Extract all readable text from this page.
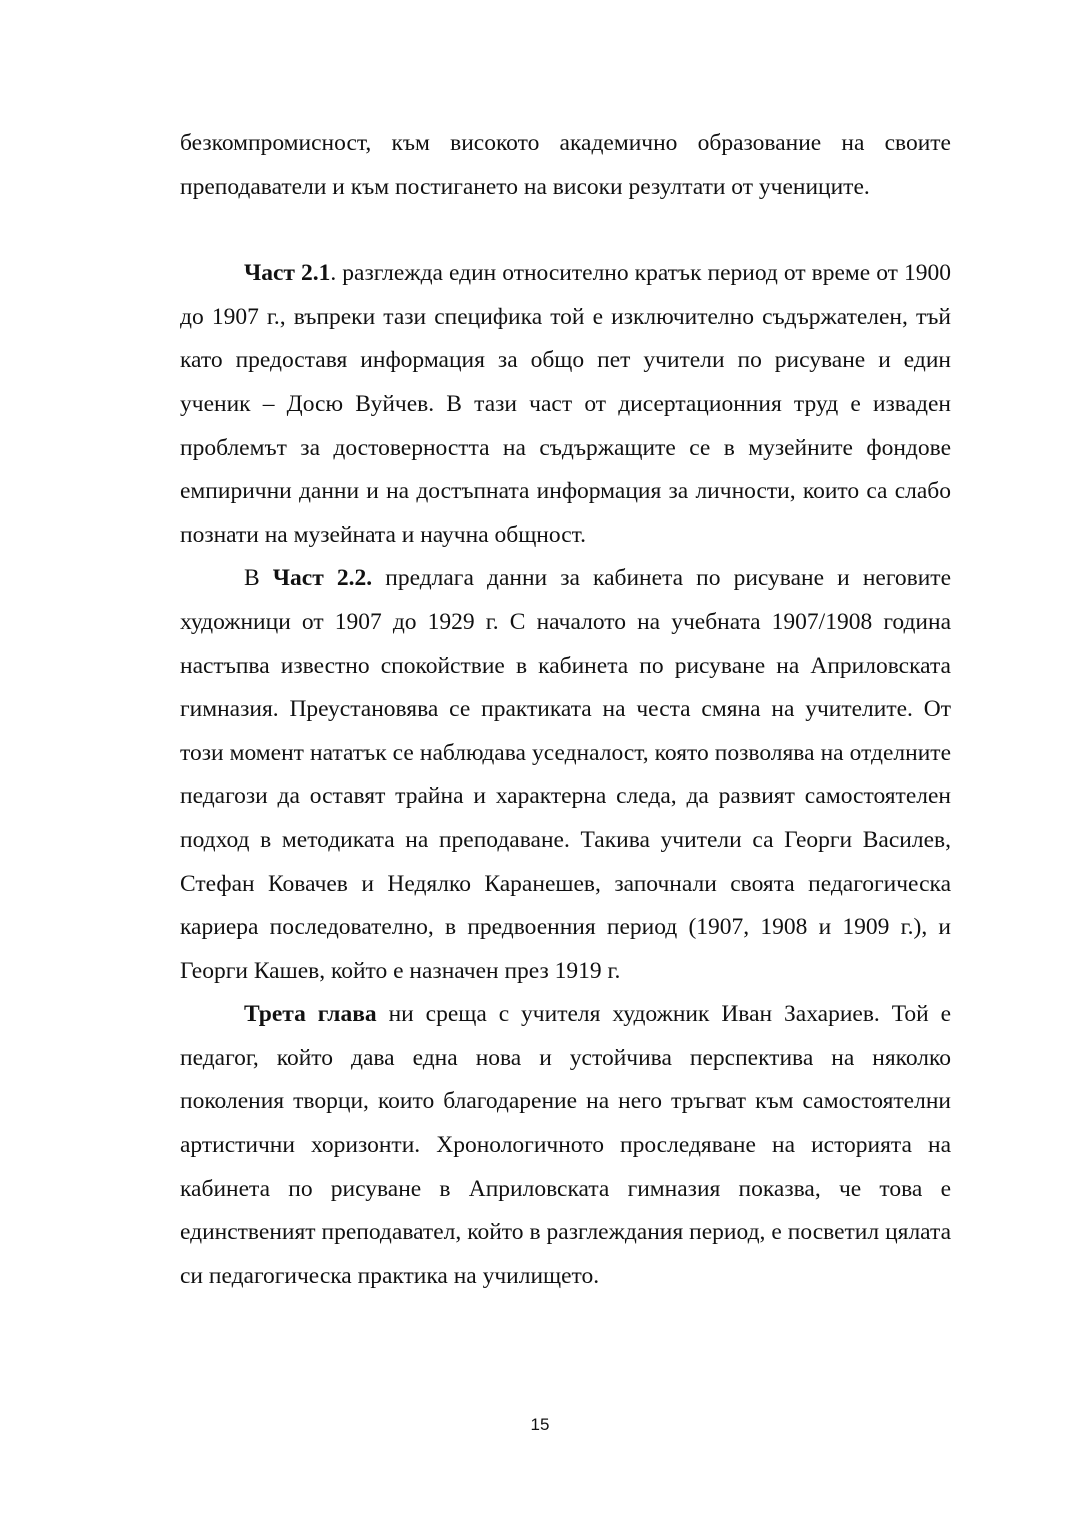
безкомпромисност, към високото академично образование на своите преподаватели и към постигането на високи резултати от учениците.

Част 2.1. разглежда един относително кратък период от време от 1900 до 1907 г., въпреки тази специфика той е изключително съдържателен, тъй като предоставя информация за общо пет учители по рисуване и един ученик – Досю Вуйчев. В тази част от дисертационния труд е изваден проблемът за достоверността на съдържащите се в музейните фондове емпирични данни и на достъпната информация за личности, които са слабо познати на музейната и научна общност.

В Част 2.2. предлага данни за кабинета по рисуване и неговите художници от 1907 до 1929 г. С началото на учебната 1907/1908 година настъпва известно спокойствие в кабинета по рисуване на Априловската гимназия. Преустановява се практиката на честа смяна на учителите. От този момент нататък се наблюдава уседналост, която позволява на отделните педагози да оставят трайна и характерна следа, да развият самостоятелен подход в методиката на преподаване. Такива учители са Георги Василев, Стефан Ковачев и Недялко Каранешев, започнали своята педагогическа кариера последователно, в предвоенния период (1907, 1908 и 1909 г.), и Георги Кашев, който е назначен през 1919 г.

Трета глава ни среща с учителя художник Иван Захариев. Той е педагог, който дава една нова и устойчива перспектива на няколко поколения творци, които благодарение на него тръгват към самостоятелни артистични хоризонти. Хронологичното проследяване на историята на кабинета по рисуване в Априловската гимназия показва, че това е единственият преподавател, който в разглеждания период, е посветил цялата си педагогическа практика на училището.

15
